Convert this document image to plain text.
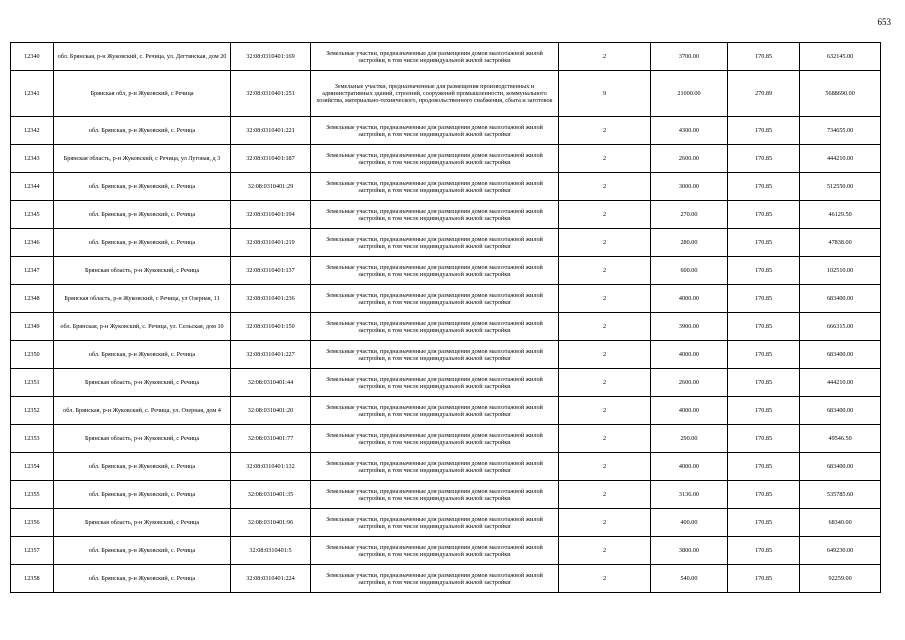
653
12340	обл. Брянская, р-н Жуковский, с. Речица, ул. Дегтянская, дом 20	32:08:0310401:169	Земельные участки, предназначенные для размещения домов малоэтажной жилой застройки, в том числе индивидуальной жилой застройки	2	3700.00	170.85	632145.00
12341	Брянская обл, р-н Жуковский, с Речица	32:08:0310401:251	Земельные участки, предназначенные для размещения производственных и административных зданий, строений, сооружений промышленности, коммунального хозяйства, материально-технического, продовольственного снабжения, сбыта и заготовок	9	21000.00	270.89	5688690.00
12342	обл. Брянская, р-н Жуковский, с. Речица	32:08:0310401:221	Земельные участки, предназначенные для размещения домов малоэтажной жилой застройки, в том числе индивидуальной жилой застройки	2	4300.00	170.85	734655.00
12343	Брянская область, р-н Жуковский, с Речица, ул Луговая, д 3	32:08:0310401:187	Земельные участки, предназначенные для размещения домов малоэтажной жилой застройки, в том числе индивидуальной жилой застройки	2	2600.00	170.85	444210.00
12344	обл. Брянская, р-н Жуковский, с. Речица	32:08:0310401:29	Земельные участки, предназначенные для размещения домов малоэтажной жилой застройки, в том числе индивидуальной жилой застройки	2	3000.00	170.85	512550.00
12345	обл. Брянская, р-н Жуковский, с. Речица	32:08:0310401:194	Земельные участки, предназначенные для размещения домов малоэтажной жилой застройки, в том числе индивидуальной жилой застройки	2	270.00	170.85	46129.50
12346	обл. Брянская, р-н Жуковский, с. Речица	32:08:0310401:219	Земельные участки, предназначенные для размещения домов малоэтажной жилой застройки, в том числе индивидуальной жилой застройки	2	280.00	170.85	47838.00
12347	Брянская область, р-н Жуковский, с Речица	32:08:0310401:137	Земельные участки, предназначенные для размещения домов малоэтажной жилой застройки, в том числе индивидуальной жилой застройки	2	600.00	170.85	102510.00
12348	Брянская область, р-н Жуковский, с Речица, ул Озерная, 11	32:08:0310401:236	Земельные участки, предназначенные для размещения домов малоэтажной жилой застройки, в том числе индивидуальной жилой застройки	2	4000.00	170.85	683400.00
12349	обл. Брянская, р-н Жуковский, с. Речица, ул. Сельская, дом 10	32:08:0310401:150	Земельные участки, предназначенные для размещения домов малоэтажной жилой застройки, в том числе индивидуальной жилой застройки	2	3900.00	170.85	666315.00
12350	обл. Брянская, р-н Жуковский, с. Речица	32:08:0310401:227	Земельные участки, предназначенные для размещения домов малоэтажной жилой застройки, в том числе индивидуальной жилой застройки	2	4000.00	170.85	683400.00
12351	Брянская область, р-н Жуковский, с Речица	32:08:0310401:44	Земельные участки, предназначенные для размещения домов малоэтажной жилой застройки, в том числе индивидуальной жилой застройки	2	2600.00	170.85	444210.00
12352	обл. Брянская, р-н Жуковский, с. Речица, ул. Озерная, дом 4	32:08:0310401:20	Земельные участки, предназначенные для размещения домов малоэтажной жилой застройки, в том числе индивидуальной жилой застройки	2	4000.00	170.85	683400.00
12353	Брянская область, р-н Жуковский, с Речица	32:08:0310401:77	Земельные участки, предназначенные для размещения домов малоэтажной жилой застройки, в том числе индивидуальной жилой застройки	2	290.00	170.85	49546.50
12354	обл. Брянская, р-н Жуковский, с. Речица	32:08:0310401:132	Земельные участки, предназначенные для размещения домов малоэтажной жилой застройки, в том числе индивидуальной жилой застройки	2	4000.00	170.85	683400.00
12355	обл. Брянская, р-н Жуковский, с. Речица	32:08:0310401:35	Земельные участки, предназначенные для размещения домов малоэтажной жилой застройки, в том числе индивидуальной жилой застройки	2	3136.00	170.85	535785.60
12356	Брянская область, р-н Жуковский, с Речица	32:08:0310401:96	Земельные участки, предназначенные для размещения домов малоэтажной жилой застройки, в том числе индивидуальной жилой застройки	2	400.00	170.85	68340.00
12357	обл. Брянская, р-н Жуковский, с. Речица	32:08:0310401:5	Земельные участки, предназначенные для размещения домов малоэтажной жилой застройки, в том числе индивидуальной жилой застройки	2	3800.00	170.85	649230.00
12358	обл. Брянская, р-н Жуковский, с. Речица	32:08:0310401:224	Земельные участки, предназначенные для размещения домов малоэтажной жилой застройки, в том числе индивидуальной жилой застройки	2	540.00	170.85	92259.00
